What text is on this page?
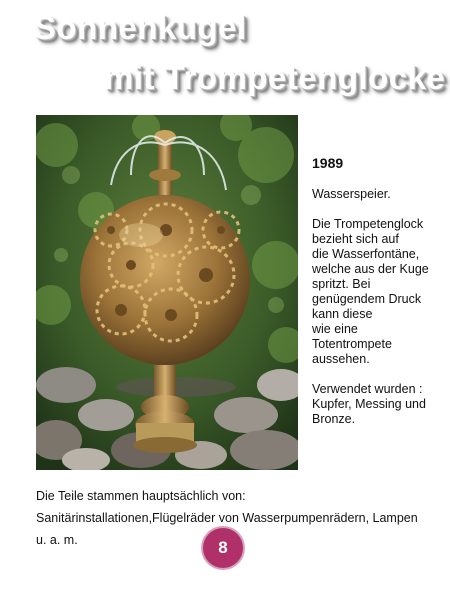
Sonnenkugel
mit Trompetenglocke
1989

Wasserspeier.

Die Trompetenglock
bezieht sich auf
die Wasserfontäne,
welche aus der Kuge
spritzt. Bei
genügendem Druck
kann diese
wie eine
Totentrompete
aussehen.

Verwendet wurden :
Kupfer, Messing und
Bronze.

Die Teile stammen hauptsächlich von:
Sanitärinstallationen,Flügelräder von Wasserpumpenrädern, Lampen
u. a. m.	8
